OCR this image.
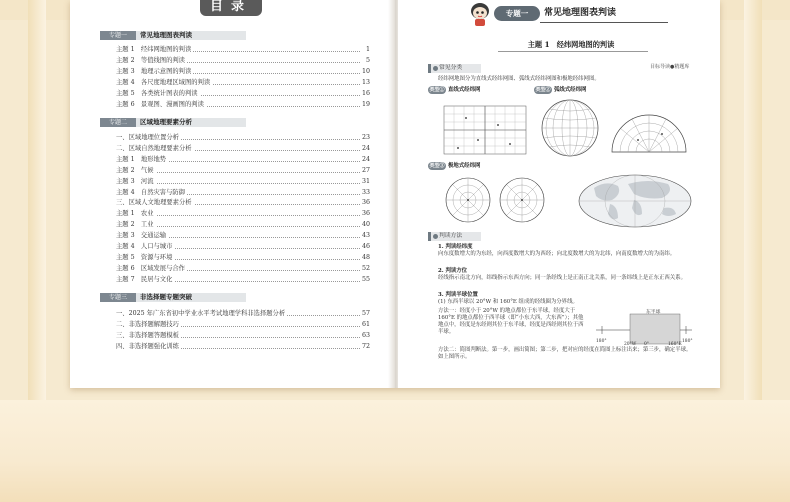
目录
专题一	常见地理图表判读
主题 1　经纬网地图的判读	1
主题 2　等值线图的判读	5
主题 3　地理示意图的判读	10
主题 4　各尺度地理区域图的判读	13
主题 5　各类统计图表的判读	16
主题 6　景观图、漫画图的判读	19
专题二	区域地理要素分析
一、区域地理位置分析	23
二、区域自然地理要素分析	24
主题 1　地形地势	24
主题 2　气候	27
主题 3　河流	31
主题 4　自然灾害与防御	33
三、区域人文地理要素分析	36
主题 1　农业	36
主题 2　工业	40
主题 3　交通运输	43
主题 4　人口与城市	46
主题 5　资源与环境	48
主题 6　区域发展与合作	52
主题 7　民居与文化	55
专题三	非选择题专题突破
一、2025 年广东省初中学业水平考试地理学科非选择题分析	57
二、非选择题解题技巧	61
三、非选择题答题模板	63
四、非选择题强化训练	72
专题一	常见地理图表判读
主题 1　经纬网地图的判读
目标导读●精题库
常见分类
经纬网地图分为直线式经纬网图、弧线式经纬网图和极地经纬网图。
类型① 直线式经纬网	类型② 弧线式经纬网
类型③ 极地式经纬网
判读方法
1. 判读经纬度
向东度数增大的为东经，向西度数增大的为西经；向北度数增大的为北纬，向南度数增大的为南纬。
2. 判读方位
经线指示南北方向，纬线指示东西方向；同一条经线上是正南正北关系，同一条纬线上是正东正西关系。
3. 判读半球位置
(1) 东西半球以 20°W 和 160°E 组成的经线圈为分界线。
方法一：经度小于 20°W 的地点都位于东半球，经度大于 160°E 的地点都位于西半球（即“小东大西，大东西”）；其他地点中，经度是东经则其位于东半球，经度是西经则其位于西半球。
东半球
180°
20°W 0°	160°E
180°
方法二：简图判断法。第一步，画出简图；第二步，把对应的经度在简图上标注出来；第三步，确定半球。如上图所示。
